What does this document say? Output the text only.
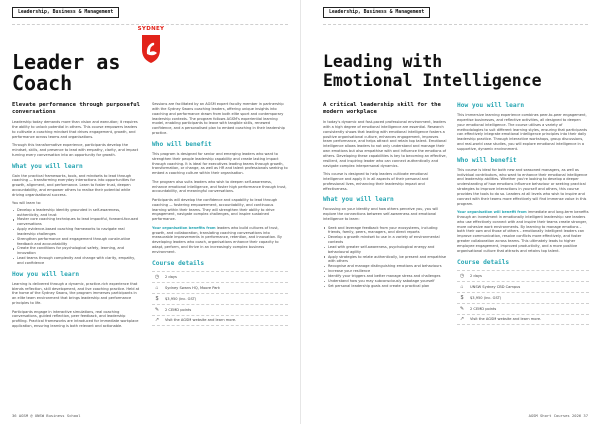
Leadership, Business & Management
SYDNEY
Leader as
Coach
Elevate performance through purposeful conversations

Leadership today demands more than vision and execution; it requires the ability to unlock potential in others. This course empowers leaders to cultivate a coaching mindset that drives engagement, growth, and performance across teams and organisations.

Through this transformative experience, participants develop the mindset, skills, and presence to lead with empathy, clarity, and impact turning every conversation into an opportunity for growth.

What you will learn

Gain the practical frameworks, tools, and mindsets to lead through coaching — transforming everyday interactions into opportunities for growth, alignment, and performance. Learn to foster trust, deepen accountability, and empower others to realise their potential while driving organisational success.

You will learn to:

Develop a leadership identity grounded in self-awareness, authenticity, and trust
Master core coaching techniques to lead impactful, forward-focused conversations
Apply evidence-based coaching frameworks to navigate real leadership challenges
Strengthen performance and engagement through constructive feedback and accountability
Create the conditions for psychological safety, learning, and innovation
Lead teams through complexity and change with clarity, empathy, and confidence
How you will learn

Learning is delivered through a dynamic, practice-rich experience that blends reflection, skill development, and live coaching practice. Held at the home of the Sydney Swans, the program immerses participants in an elite team environment that brings leadership and performance principles to life.

Participants engage in interactive simulations, real coaching conversations, guided reflection, peer feedback, and leadership profiling. Practical frameworks are introduced for immediate workplace application, ensuring learning is both relevant and actionable.

Sessions are facilitated by an AGSM expert faculty member in partnership with the Sydney Swans coaching leaders, offering unique insights into coaching and performance drawn from both elite sport and contemporary leadership contexts. The program follows AGSM's experiential learning model, enabling participants to leave with tangible skills, renewed confidence, and a personalised plan to embed coaching in their leadership practice.

Who will benefit

This program is designed for senior and emerging leaders who want to strengthen their people leadership capability and create lasting impact through coaching. It is ideal for executives leading teams through growth, transformation, or change, as well as HR and talent professionals seeking to embed a coaching culture within their organisation.

The program also suits leaders who wish to deepen self-awareness, enhance emotional intelligence, and foster high performance through trust, accountability, and meaningful conversations.

Participants will develop the confidence and capability to lead through coaching — fostering empowerment, accountability, and continuous learning within their teams. They will strengthen their ability to drive engagement, navigate complex challenges, and inspire sustained performance.

Your organisation benefits from leaders who build cultures of trust, growth, and collaboration, translating coaching conversations into measurable improvements in performance, retention, and innovation. By developing leaders who coach, organisations enhance their capacity to adapt, perform, and thrive in an increasingly complex business environment.

Course details
◷	2 days
⌂	Sydney Swans HQ, Moore Park
$	$3,950 (inc. GST)
✎	2 CEMD points
↗	Visit the AGSM website and learn more.
36 AGSM @ UNSW Business School
Leadership, Business & Management
Leading with
Emotional Intelligence
A critical leadership skill for the modern workplace

In today's dynamic and fast-paced professional environment, leaders with a high degree of emotional intelligence are essential. Research consistently shows that leading with emotional intelligence fosters a positive organisational culture, enhances engagement, improves team performance, and helps attract and retain top talent. Emotional intelligence allows leaders to not only understand and manage their own emotions but also empathise with and influence the emotions of others. Developing these capabilities is key to becoming an effective, resilient, and inspiring leader who can connect authentically and navigate complex interpersonal dynamics.

This course is designed to help leaders cultivate emotional intelligence and apply it in all aspects of their personal and professional lives, enhancing their leadership impact and effectiveness.

What you will learn

Focussing on your identity and how others perceive you, you will explore the connections between self-awareness and emotional intelligence to learn:

Seek and leverage feedback from your ecosystems, including friends, family, peers, managers, and direct reports
Develop a growth mindset to use in a variety of environmental contexts
Lead with greater self-awareness, psychological energy and behavioural agility
Apply strategies to relate authentically, be present and empathise with others
Recognise and manage distinguishing emotions and behaviours
Increase your resilience
Identify your triggers and better manage stress and challenges
Understand how you may subconsciously sabotage yourself
Set personal leadership goals and create a practical plan
How you will learn

This immersive learning experience combines peer-to-peer engagement, expertise businesses, and reflective activities, all designed to deepen your emotional intelligence. The course utilises a variety of methodologies to suit different learning styles, ensuring that participants can effectively integrate emotional intelligence principles into their daily leadership practice. Through interactive workshops, group discussions, and real-world case studies, you will explore emotional intelligence in a supportive, dynamic environment.

Who will benefit

This course is ideal for both new and seasoned managers, as well as individual contributors, who want to enhance their emotional intelligence and leadership abilities. Whether you're looking to develop a deeper understanding of how emotions influence behaviour or seeking practical strategies to improve interactions in yourself and others, this course provides the tools to do so. Leaders at all levels who wish to inspire and connect with their teams more effectively will find immense value in this program.

Your organisation will benefit from immediate and long-term benefits through an investment in emotionally intelligent leadership: see leaders who use effectively connect with and inspire their teams create stronger, more cohesive work environments. By learning to manage emotions – both their own and those of others – emotionally intelligent leaders can improve communication, resolve conflicts more effectively, and foster greater collaboration across teams. This ultimately leads to higher employee engagement, improved productivity, and a more positive organisational culture that attracts and retains top talent.

Course details
◷	2 days
⌂	UNSW Sydney CBD Campus
$	$3,950 (inc. GST)
✎	2 CEMD points
↗	Visit the AGSM website and learn more.
AGSM Short Courses 2026 37
